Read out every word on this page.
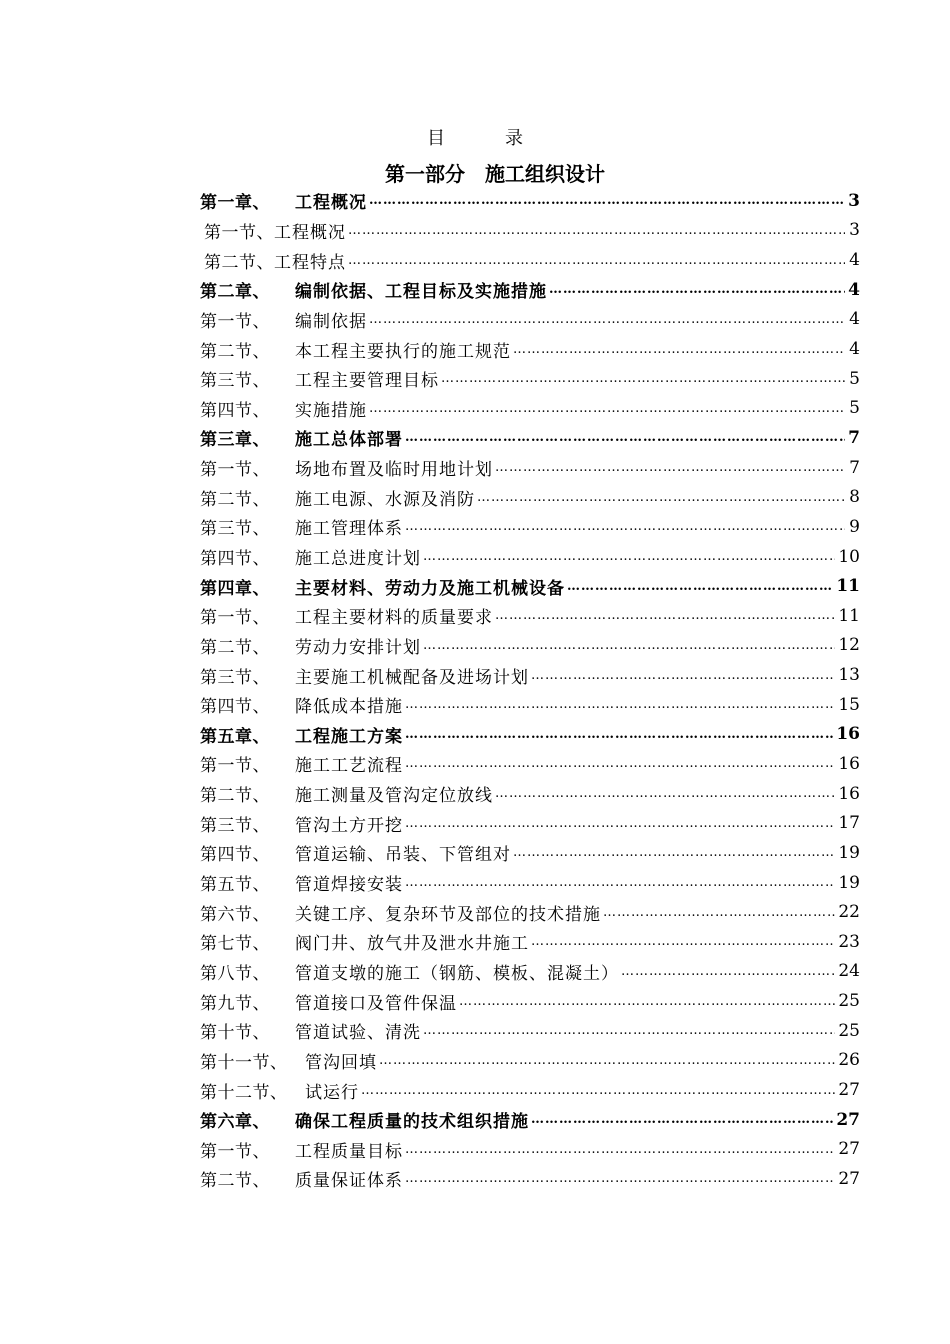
目录
第一部分　施工组织设计
第一章、	工程概况 ……………………………………………………………………………………………………………………………………………………………………………………………………………………………………	3
第一节、 工程概况 ……………………………………………………………………………………………………………………………………………………………………………………………………………………………………	3
第二节、 工程特点 ……………………………………………………………………………………………………………………………………………………………………………………………………………………………………	4
第二章、	编制依据、工程目标及实施措施 ……………………………………………………………………………………………………………………………………………………………………………………………………………………………………	4
第一节、	编制依据 ……………………………………………………………………………………………………………………………………………………………………………………………………………………………………	4
第二节、	本工程主要执行的施工规范 ……………………………………………………………………………………………………………………………………………………………………………………………………………………………………	4
第三节、	工程主要管理目标 ……………………………………………………………………………………………………………………………………………………………………………………………………………………………………	5
第四节、	实施措施 ……………………………………………………………………………………………………………………………………………………………………………………………………………………………………	5
第三章、	施工总体部署 ……………………………………………………………………………………………………………………………………………………………………………………………………………………………………	7
第一节、	场地布置及临时用地计划 ……………………………………………………………………………………………………………………………………………………………………………………………………………………………………	7
第二节、	施工电源、水源及消防 ……………………………………………………………………………………………………………………………………………………………………………………………………………………………………	8
第三节、	施工管理体系 ……………………………………………………………………………………………………………………………………………………………………………………………………………………………………	9
第四节、	施工总进度计划 ……………………………………………………………………………………………………………………………………………………………………………………………………………………………………	10
第四章、	主要材料、劳动力及施工机械设备 ……………………………………………………………………………………………………………………………………………………………………………………………………………………………………	11
第一节、	工程主要材料的质量要求 ……………………………………………………………………………………………………………………………………………………………………………………………………………………………………	11
第二节、	劳动力安排计划 ……………………………………………………………………………………………………………………………………………………………………………………………………………………………………	12
第三节、	主要施工机械配备及进场计划 ……………………………………………………………………………………………………………………………………………………………………………………………………………………………………	13
第四节、	降低成本措施 ……………………………………………………………………………………………………………………………………………………………………………………………………………………………………	15
第五章、	工程施工方案 ……………………………………………………………………………………………………………………………………………………………………………………………………………………………………	16
第一节、	施工工艺流程 ……………………………………………………………………………………………………………………………………………………………………………………………………………………………………	16
第二节、	施工测量及管沟定位放线 ……………………………………………………………………………………………………………………………………………………………………………………………………………………………………	16
第三节、	管沟土方开挖 ……………………………………………………………………………………………………………………………………………………………………………………………………………………………………	17
第四节、	管道运输、吊装、下管组对 ……………………………………………………………………………………………………………………………………………………………………………………………………………………………………	19
第五节、	管道焊接安装 ……………………………………………………………………………………………………………………………………………………………………………………………………………………………………	19
第六节、	关键工序、复杂环节及部位的技术措施 ……………………………………………………………………………………………………………………………………………………………………………………………………………………………………	22
第七节、	阀门井、放气井及泄水井施工 ……………………………………………………………………………………………………………………………………………………………………………………………………………………………………	23
第八节、	管道支墩的施工（钢筋、模板、混凝土） ……………………………………………………………………………………………………………………………………………………………………………………………………………………………………	24
第九节、	管道接口及管件保温 ……………………………………………………………………………………………………………………………………………………………………………………………………………………………………	25
第十节、	管道试验、清洗 ……………………………………………………………………………………………………………………………………………………………………………………………………………………………………	25
第十一节、	管沟回填 ……………………………………………………………………………………………………………………………………………………………………………………………………………………………………	26
第十二节、	试运行 ……………………………………………………………………………………………………………………………………………………………………………………………………………………………………	27
第六章、	确保工程质量的技术组织措施 ……………………………………………………………………………………………………………………………………………………………………………………………………………………………………	27
第一节、	工程质量目标 ……………………………………………………………………………………………………………………………………………………………………………………………………………………………………	27
第二节、	质量保证体系 ……………………………………………………………………………………………………………………………………………………………………………………………………………………………………	27
